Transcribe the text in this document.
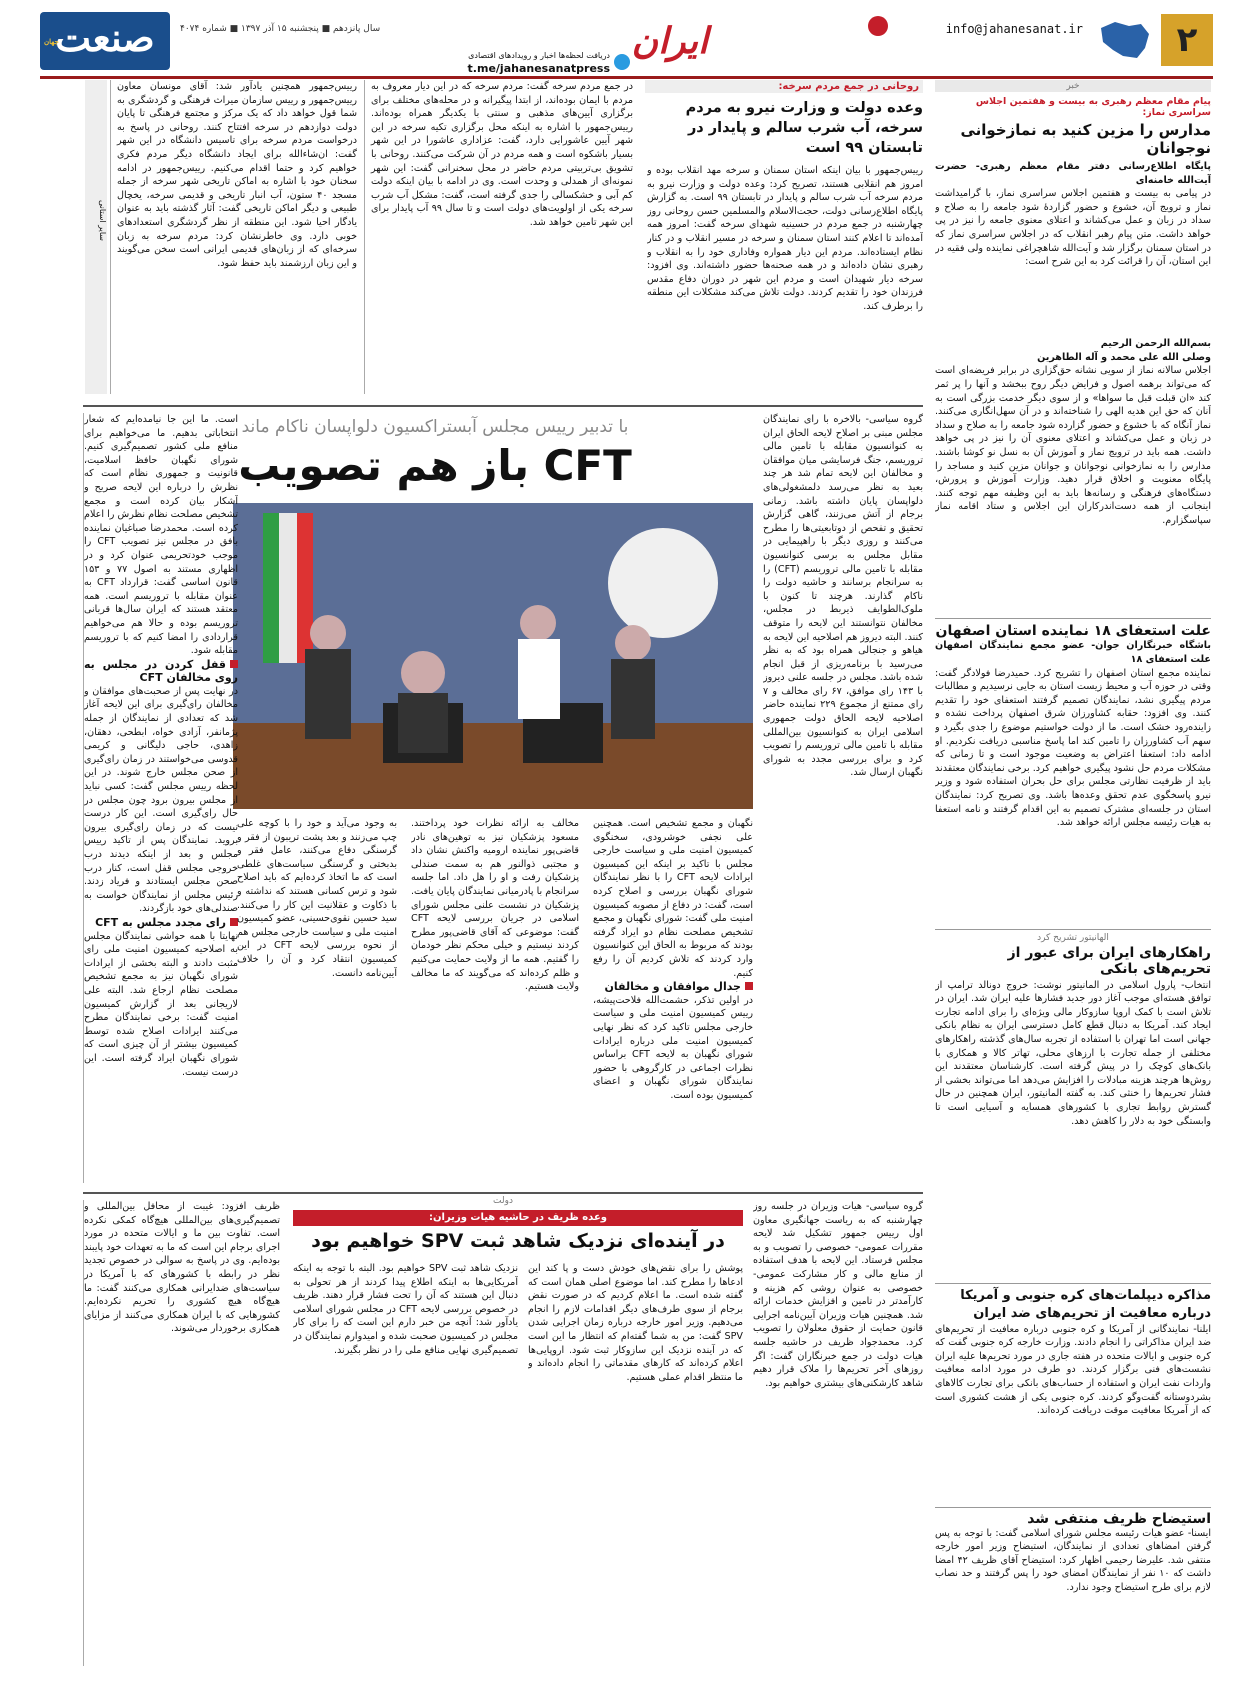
۲
info@jahanesanat.ir
ایران
دریافت لحظه‌ها اخبار و رویدادهای اقتصادی
t.me/jahanesanatpress
سال پانزدهم ■ پنجشنبه ۱۵ آذر ۱۳۹۷ ■ شماره ۴۰۷۴
صنعت
جهان
خبر
پیام مقام معظم رهبری به بیست و هفتمین اجلاس سراسری نماز:
مدارس را مزین کنید به نمازخوانی نوجوانان
پایگاه اطلاع‌رسانی دفتر مقام معظم رهبری- حضرت آیت‌الله خامنه‌ای
در پیامی به بیست و هفتمین اجلاس سراسری نماز، با گرامیداشت نماز و ترویج آن، خشوع و حضور گزاردهٔ شود جامعه را به صلاح و سداد در زبان و عمل می‌کشاند و اعتلای معنوی جامعه را نیز در پی خواهد داشت. متن پیام رهبر انقلاب که در اجلاس سراسری نماز که در استان سمنان برگزار شد و آیت‌الله شاهچراغی نماینده ولی فقیه در این استان، آن را قرائت کرد به این شرح است:
بسم‌الله الرحمن الرحیم
وصلی الله علی محمد و آله الطاهرین
اجلاس سالانه نماز از سویی نشانه حق‌گزاری در برابر فریضه‌ای است که می‌تواند برهمه اصول و فرایض دیگر روح ببخشد و آنها را پر ثمر کند «ان قبلت قبل ما سواها» و از سوی دیگر خدمت بزرگی است به آنان که حق این هدیه الهی را شناخته‌اند و در آن سهل‌انگاری می‌کنند. نماز آنگاه که با خشوع و حضور گزارده شود جامعه را به صلاح و سداد در زبان و عمل می‌کشاند و اعتلای معنوی آن را نیز در پی خواهد داشت. همه باید در ترویج نماز و آموزش آن به نسل نو کوشا باشند. مدارس را به نمازخوانی نوجوانان و جوانان مزین کنید و مساجد را پایگاه معنویت و اخلاق قرار دهید. وزارت آموزش و پرورش، دستگاه‌های فرهنگی و رسانه‌ها باید به این وظیفه مهم توجه کنند. اینجانب از همه دست‌اندرکاران این اجلاس و ستاد اقامه نماز سپاسگزارم.
علت استعفای ۱۸ نماینده استان اصفهان
باشگاه خبرنگاران جوان- عضو مجمع نمایندگان اصفهان علت استعفای ۱۸
نماینده مجمع استان اصفهان را تشریح کرد. حمیدرضا فولادگر گفت: وقتی در حوزه آب و محیط زیست استان به جایی نرسیدیم و مطالبات مردم پیگیری نشد، نمایندگان تصمیم گرفتند استعفای خود را تقدیم کنند. وی افزود: حقابه کشاورزان شرق اصفهان پرداخت نشده و زاینده‌رود خشک است. ما از دولت خواستیم موضوع را جدی بگیرد و سهم آب کشاورزان را تامین کند اما پاسخ مناسبی دریافت نکردیم. او ادامه داد: استعفا اعتراض به وضعیت موجود است و تا زمانی که مشکلات مردم حل نشود پیگیری خواهیم کرد. برخی نمایندگان معتقدند باید از ظرفیت نظارتی مجلس برای حل بحران استفاده شود و وزیر نیرو پاسخگوی عدم تحقق وعده‌ها باشد. وی تصریح کرد: نمایندگان استان در جلسه‌ای مشترک تصمیم به این اقدام گرفتند و نامه استعفا به هیات رئیسه مجلس ارائه خواهد شد.
الهانیتور تشریح کرد
راهکارهای ایران برای عبور از تحریم‌های بانکی
انتخاب- پارول اسلامی در المانیتور نوشت: خروج دونالد ترامپ از توافق هسته‌ای موجب آغاز دور جدید فشارها علیه ایران شد. ایران در تلاش است با کمک اروپا سازوکار مالی ویژه‌ای را برای ادامه تجارت ایجاد کند. آمریکا به دنبال قطع کامل دسترسی ایران به نظام بانکی جهانی است اما تهران با استفاده از تجربه سال‌های گذشته راهکارهای مختلفی از جمله تجارت با ارزهای محلی، تهاتر کالا و همکاری با بانک‌های کوچک را در پیش گرفته است. کارشناسان معتقدند این روش‌ها هرچند هزینه مبادلات را افزایش می‌دهد اما می‌تواند بخشی از فشار تحریم‌ها را خنثی کند. به گفته المانیتور، ایران همچنین در حال گسترش روابط تجاری با کشورهای همسایه و آسیایی است تا وابستگی خود به دلار را کاهش دهد.
مذاکره دیپلمات‌های کره جنوبی و آمریکا درباره معافیت از تحریم‌های ضد ایران
ایلنا- نمایندگانی از آمریکا و کره جنوبی درباره معافیت از تحریم‌های ضد ایران مذاکراتی را انجام دادند. وزارت خارجه کره جنوبی گفت که کره جنوبی و ایالات متحده در هفته جاری در مورد تحریم‌ها علیه ایران نشست‌های فنی برگزار کردند. دو طرف در مورد ادامه معافیت واردات نفت ایران و استفاده از حساب‌های بانکی برای تجارت کالاهای بشردوستانه گفت‌وگو کردند. کره جنوبی یکی از هشت کشوری است که از آمریکا معافیت موقت دریافت کرده‌اند.
استیضاح ظریف منتفی شد
ایسنا- عضو هیات رئیسه مجلس شورای اسلامی گفت: با توجه به پس گرفتن امضاهای تعدادی از نمایندگان، استیضاح وزیر امور خارجه منتفی شد. علیرضا رحیمی اظهار کرد: استیضاح آقای ظریف ۴۲ امضا داشت که ۱۰ نفر از نمایندگان امضای خود را پس گرفتند و حد نصاب لازم برای طرح استیضاح وجود ندارد.
روحانی در جمع مردم سرخه:
وعده دولت و وزارت نیرو به مردم سرخه، آب شرب سالم و پایدار در تابستان ۹۹ است
رییس‌جمهور با بیان اینکه استان سمنان و سرخه مهد انقلاب بوده و امروز هم انقلابی هستند، تصریح کرد: وعده دولت و وزارت نیرو به مردم سرخه آب شرب سالم و پایدار در تابستان ۹۹ است. به گزارش پایگاه اطلاع‌رسانی دولت، حجت‌الاسلام والمسلمین حسن روحانی روز چهارشنبه در جمع مردم در حسینیه شهدای سرخه گفت: امروز همه آمده‌اند تا اعلام کنند استان سمنان و سرخه در مسیر انقلاب و در کنار نظام ایستاده‌اند. مردم این دیار همواره وفاداری خود را به انقلاب و رهبری نشان داده‌اند و در همه صحنه‌ها حضور داشته‌اند. وی افزود: سرخه دیار شهیدان است و مردم این شهر در دوران دفاع مقدس فرزندان خود را تقدیم کردند. دولت تلاش می‌کند مشکلات این منطقه را برطرف کند.
در جمع مردم سرخه گفت: مردم سرخه که در این دیار معروف به مردم با ایمان بوده‌اند، از ابتدا پیگیرانه و در محله‌های مختلف برای برگزاری آیین‌های مذهبی و سنتی با یکدیگر همراه بوده‌اند. رییس‌جمهور با اشاره به اینکه محل برگزاری تکیه سرخه در این شهر آیین عاشورایی دارد، گفت: عزاداری عاشورا در این شهر بسیار باشکوه است و همه مردم در آن شرکت می‌کنند. روحانی با تشویق بی‌تربیتی مردم حاضر در محل سخنرانی گفت: این شهر نمونه‌ای از همدلی و وحدت است. وی در ادامه با بیان اینکه دولت کم آبی و خشکسالی را جدی گرفته است، گفت: مشکل آب شرب سرخه یکی از اولویت‌های دولت است و تا سال ۹۹ آب پایدار برای این شهر تامین خواهد شد.
رییس‌جمهور همچنین یادآور شد: آقای مونسان معاون رییس‌جمهور و رییس سازمان میراث فرهنگی و گردشگری به شما قول خواهد داد که یک مرکز و مجتمع فرهنگی تا پایان دولت دوازدهم در سرخه افتتاح کنند. روحانی در پاسخ به درخواست مردم سرخه برای تاسیس دانشگاه در این شهر گفت: ان‌شاءالله برای ایجاد دانشگاه دیگر مردم فکری خواهیم کرد و حتما اقدام می‌کنیم. رییس‌جمهور در ادامه سخنان خود با اشاره به اماکن تاریخی شهر سرخه از جمله مسجد ۴۰ ستون، آب انبار تاریخی و قدیمی سرخه، یخچال طبیعی و دیگر اماکن تاریخی گفت: آثار گذشته باید به عنوان یادگار احیا شود. این منطقه از نظر گردشگری استعدادهای خوبی دارد. وی خاطرنشان کرد: مردم سرخه به زبان سرخه‌ای که از زبان‌های قدیمی ایرانی است سخن می‌گویند و این زبان ارزشمند باید حفظ شود.
سایر استانی
با تدبیر رییس مجلس آبستراکسیون دلواپسان ناکام ماند
CFT باز هم تصویب
گروه سیاسی- بالاخره با رای نمایندگان مجلس مبنی بر اصلاح لایحه الحاق ایران به کنوانسیون مقابله با تامین مالی تروریسم، جنگ فرسایشی میان موافقان و مخالفان این لایحه تمام شد هر چند بعید به نظر می‌رسد دلمشغولی‌های دلواپسان پایان داشته باشد. زمانی برجام از آتش می‌زنند، گاهی گزارش تحقیق و تفحص از دوتابعیتی‌ها را مطرح می‌کنند و روزی دیگر با راهپیمایی در مقابل مجلس به برسی کنوانسیون مقابله با تامین مالی تروریسم (CFT) را به سرانجام برسانند و حاشیه دولت را ناکام گذارند. هرچند تا کنون با ملوک‌الطوایف ذیربط در مجلس، مخالفان نتوانستند این لایحه را متوقف کنند. البته دیروز هم اصلاحیه این لایحه به هیاهو و جنجالی همراه بود که به نظر می‌رسید با برنامه‌ریزی از قبل انجام شده باشد. مجلس در جلسه علنی دیروز با ۱۴۳ رای موافق، ۶۷ رای مخالف و ۷ رای ممتنع از مجموع ۲۲۹ نماینده حاضر اصلاحیه لایحه الحاق دولت جمهوری اسلامی ایران به کنوانسیون بین‌المللی مقابله با تامین مالی تروریسم را تصویب کرد و برای بررسی مجدد به شورای نگهبان ارسال شد.
است. ما این جا نیامده‌ایم که شعار انتخاباتی بدهیم. ما می‌خواهیم برای منافع ملی کشور تصمیم‌گیری کنیم. شورای نگهبان حافظ اسلامیت، قانونیت و جمهوری نظام است که نظرش را درباره این لایحه صریح و آشکار بیان کرده است و مجمع تشخیص مصلحت نظام نظرش را اعلام کرده است. محمدرضا صباغیان نماینده بافق در مجلس نیز تصویب CFT را موجب خودتحریمی عنوان کرد و در اظهاری مستند به اصول ۷۷ و ۱۵۳ قانون اساسی گفت: قرارداد CFT به عنوان مقابله با تروریسم است. همه معتقد هستند که ایران سال‌ها قربانی تروریسم بوده و حالا هم می‌خواهیم قراردادی را امضا کنیم که با تروریسم مقابله شود.
قفل کردن در مجلس به روی مخالفان CFT
در نهایت پس از صحبت‌های موافقان و مخالفان رای‌گیری برای این لایحه آغاز شد که تعدادی از نمایندگان از جمله پژمانفر، آزادی خواه، ابطحی، دهقان، زاهدی، حاجی دلیگانی و کریمی قدوسی می‌خواستند در زمان رای‌گیری از صحن مجلس خارج شوند. در این لحظه رییس مجلس گفت: کسی نباید از مجلس بیرون برود چون مجلس در حال رای‌گیری است. این کار درست نیست که در زمان رای‌گیری بیرون بروید. نمایندگان پس از تاکید رییس مجلس و بعد از اینکه دیدند درب خروجی مجلس قفل است، کنار درب صحن مجلس ایستادند و فریاد زدند. رئیس مجلس از نمایندگان خواست به صندلی‌های خود بازگردند.
رای مجدد مجلس به CFT
نهایتا با همه حواشی نمایندگان مجلس به اصلاحیه کمیسیون امنیت ملی رای مثبت دادند و البته بخشی از ایرادات شورای نگهبان نیز به مجمع تشخیص مصلحت نظام ارجاع شد. البته علی لاریجانی بعد از گزارش کمیسیون امنیت گفت: برخی نمایندگان مطرح می‌کنند ایرادات اصلاح شده توسط کمیسیون بیشتر از آن چیزی است که شورای نگهبان ایراد گرفته است. این درست نیست.
نگهبان و مجمع تشخیص است. همچنین علی نجفی خوشرودی، سخنگوی کمیسیون امنیت ملی و سیاست خارجی مجلس با تاکید بر اینکه این کمیسیون ایرادات لایحه CFT را با نظر نمایندگان شورای نگهبان بررسی و اصلاح کرده است، گفت: در دفاع از مصوبه کمیسیون امنیت ملی گفت: شورای نگهبان و مجمع تشخیص مصلحت نظام دو ایراد گرفته بودند که مربوط به الحاق این کنوانسیون وارد کردند که تلاش کردیم آن را رفع کنیم.
جدال موافقان و مخالفان
در اولین تذکر، حشمت‌الله فلاحت‌پیشه، رییس کمیسیون امنیت ملی و سیاست خارجی مجلس تاکید کرد که نظر نهایی کمیسیون امنیت ملی درباره ایرادات شورای نگهبان به لایحه CFT براساس نظرات اجماعی در کارگروهی با حضور نمایندگان شورای نگهبان و اعضای کمیسیون بوده است.
مخالف به ارائه نظرات خود پرداختند. مسعود پزشکیان نیز به توهین‌های نادر قاضی‌پور نماینده ارومیه واکنش نشان داد و مجتبی ذوالنور هم به سمت صندلی پزشکیان رفت و او را هل داد. اما جلسه سرانجام با پادرمیانی نمایندگان پایان یافت. پزشکیان در نشست علنی مجلس شورای اسلامی در جریان بررسی لایحه CFT گفت: موضوعی که آقای قاضی‌پور مطرح کردند نیستیم و خیلی محکم نظر خودمان را گفتیم. همه ما از ولایت حمایت می‌کنیم و ظلم کرده‌اند که می‌گویند که ما مخالف ولایت هستیم.
به وجود می‌آید و خود را با کوچه علی چپ می‌زنند و بعد پشت تریبون از فقر و گرسنگی دفاع می‌کنند، عامل فقر و بدبختی و گرسنگی سیاست‌های غلطی است که ما اتخاذ کرده‌ایم که باید اصلاح شود و ترس کسانی هستند که نداشته و با ذکاوت و عقلانیت این کار را می‌کنند. سید حسین نقوی‌حسینی، عضو کمیسیون امنیت ملی و سیاست خارجی مجلس هم از نحوه بررسی لایحه CFT در این کمیسیون انتقاد کرد و آن را خلاف آیین‌نامه دانست.
دولت
وعده ظریف در حاشیه هیات وزیران:
در آینده‌ای نزدیک شاهد ثبت SPV خواهیم بود
گروه سیاسی- هیات وزیران در جلسه روز چهارشنبه که به ریاست جهانگیری معاون اول رییس جمهور تشکیل شد لایحه مقررات عمومی- خصوصی را تصویب و به مجلس فرستاد. این لایحه با هدف استفاده از منابع مالی و کار مشارکت عمومی- خصوصی به عنوان روشی کم هزینه و کارآمدتر در تامین و افزایش خدمات ارائه شد. همچنین هیات وزیران آیین‌نامه اجرایی قانون حمایت از حقوق معلولان را تصویب کرد. محمدجواد ظریف در حاشیه جلسه هیات دولت در جمع خبرنگاران گفت: اگر روزهای آخر تحریم‌ها را ملاک قرار دهیم شاهد کارشکنی‌های بیشتری خواهیم بود.
پوشش را برای نقض‌های خودش دست و پا کند این ادعاها را مطرح کند. اما موضوع اصلی همان است که گفته شده است. ما اعلام کردیم که در صورت نقض برجام از سوی طرف‌های دیگر اقدامات لازم را انجام می‌دهیم. وزیر امور خارجه درباره زمان اجرایی شدن SPV گفت: من به شما گفته‌ام که انتظار ما این است که در آینده نزدیک این سازوکار ثبت شود. اروپایی‌ها اعلام کرده‌اند که کارهای مقدماتی را انجام داده‌اند و ما منتظر اقدام عملی هستیم.
نزدیک شاهد ثبت SPV خواهیم بود. البته با توجه به اینکه آمریکایی‌ها به اینکه اطلاع پیدا کردند از هر تحولی به دنبال این هستند که آن را تحت فشار قرار دهند. ظریف در خصوص بررسی لایحه CFT در مجلس شورای اسلامی یادآور شد: آنچه من خبر دارم این است که را برای کار مجلس در کمیسیون صحبت شده و امیدوارم نمایندگان در تصمیم‌گیری نهایی منافع ملی را در نظر بگیرند.
ظریف افزود: غیبت از محافل بین‌المللی و تصمیم‌گیری‌های بین‌المللی هیچ‌گاه کمکی نکرده است. تفاوت بین ما و ایالات متحده در مورد اجرای برجام این است که ما به تعهدات خود پایبند بوده‌ایم. وی در پاسخ به سوالی در خصوص تجدید نظر در رابطه با کشورهای که با آمریکا در سیاست‌های ضدایرانی همکاری می‌کنند گفت: ما هیچ‌گاه هیچ کشوری را تحریم نکرده‌ایم. کشورهایی که با ایران همکاری می‌کنند از مزایای همکاری برخوردار می‌شوند.
